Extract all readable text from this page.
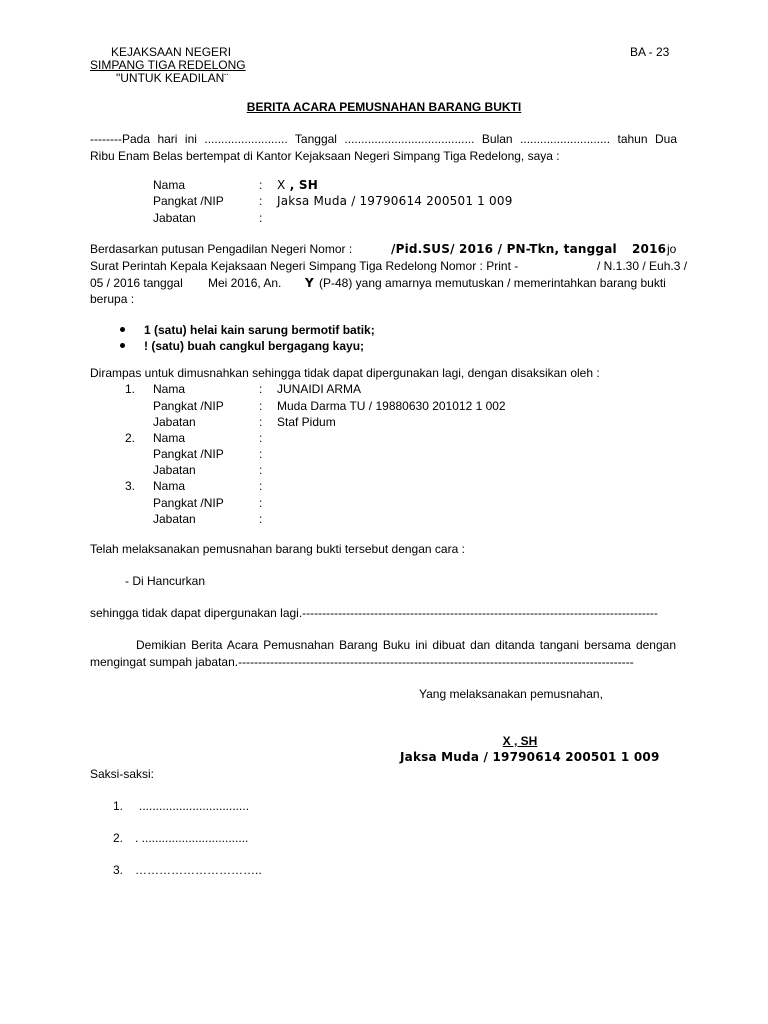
KEJAKSAAN NEGERI
SIMPANG TIGA REDELONG
"UNTUK KEADILAN¨
BA - 23
BERITA ACARA PEMUSNAHAN BARANG BUKTI
--------Pada hari ini ......................... Tanggal ....................................... Bulan ........................... tahun Dua
Ribu Enam Belas bertempat di Kantor Kejaksaan Negeri Simpang Tiga Redelong, saya :
Nama	: X , SH
Pangkat /NIP	: Jaksa Muda / 19790614 200501 1 009
Jabatan	:
Berdasarkan putusan Pengadilan Negeri Nomor :	/Pid.SUS/ 2016 / PN-Tkn, tanggal 2016 jo
Surat Perintah Kepala Kejaksaan Negeri Simpang Tiga Redelong Nomor : Print -	/ N.1.30 / Euh.3 /
05 / 2016 tanggal Mei 2016, An. Y (P-48) yang amarnya memutuskan / memerintahkan barang bukti
berupa :
1 (satu) helai kain sarung bermotif batik;
! (satu) buah cangkul bergagang kayu;
Dirampas untuk dimusnahkan sehingga tidak dapat dipergunakan lagi, dengan disaksikan oleh :
1. Nama	: JUNAIDI ARMA
Pangkat /NIP	: Muda Darma TU / 19880630 201012 1 002
Jabatan	: Staf Pidum
2. Nama	:
Pangkat /NIP	:
Jabatan	:
3. Nama	:
Pangkat /NIP	:
Jabatan	:
Telah melaksanakan pemusnahan barang bukti tersebut dengan cara :
- Di Hancurkan
sehingga tidak dapat dipergunakan lagi.-----------------------------------------------------------------------------------------
Demikian Berita Acara Pemusnahan Barang Buku ini dibuat dan ditanda tangani bersama dengan
mengingat sumpah jabatan.---------------------------------------------------------------------------------------------------
Yang melaksanakan pemusnahan,
X , SH
Jaksa Muda / 19790614 200501 1 009
Saksi-saksi:
1. .................................
2. . ................................
3. …………………………..
